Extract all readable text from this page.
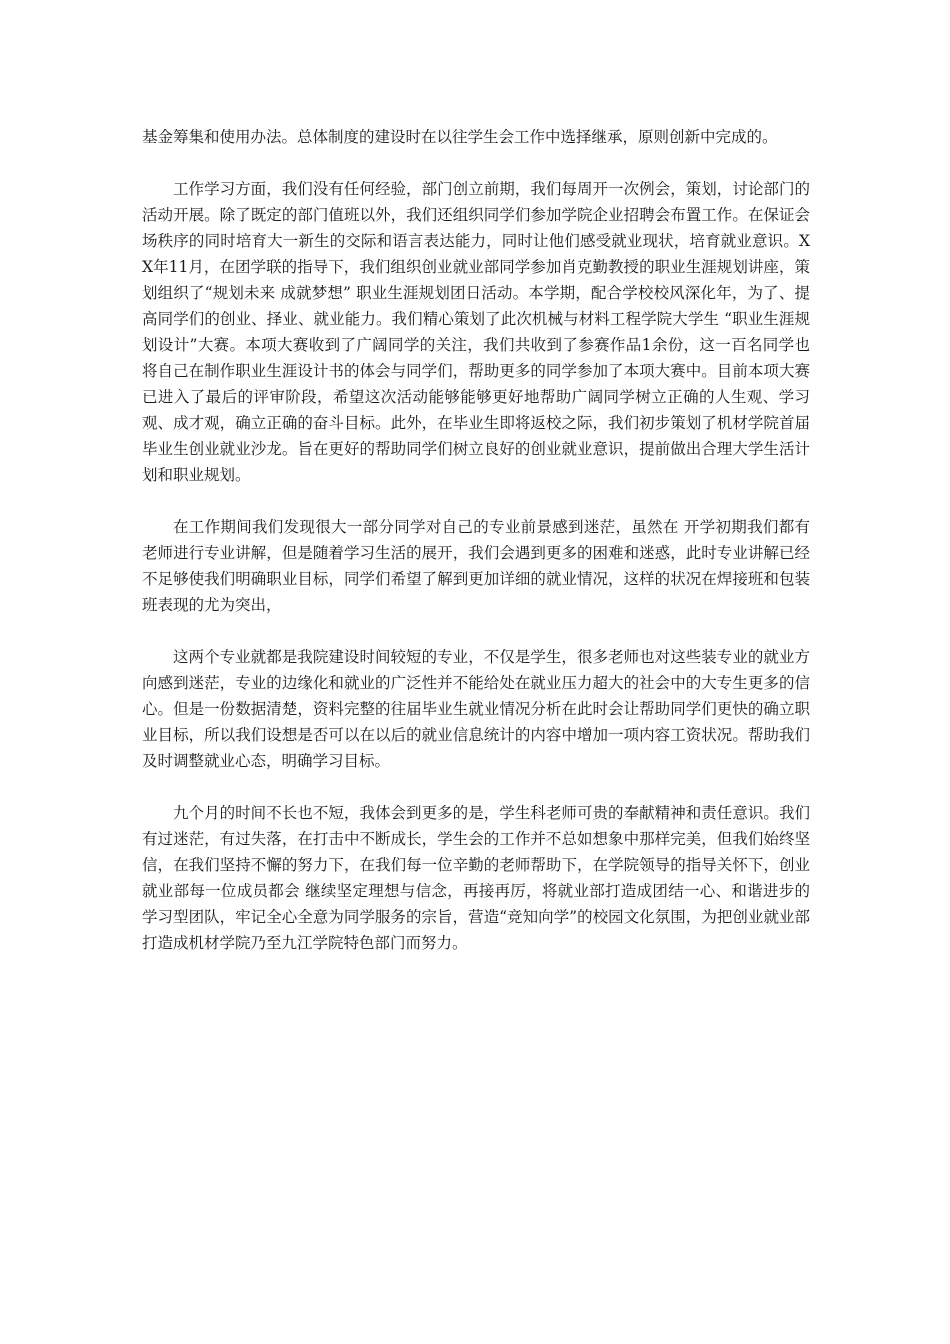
基金筹集和使用办法。总体制度的建设时在以往学生会工作中选择继承，原则创新中完成的。

工作学习方面，我们没有任何经验，部门创立前期，我们每周开一次例会，策划，讨论部门的活动开展。除了既定的部门值班以外，我们还组织同学们参加学院企业招聘会布置工作。在保证会场秩序的同时培育大一新生的交际和语言表达能力，同时让他们感受就业现状，培育就业意识。XX年11月，在团学联的指导下，我们组织创业就业部同学参加肖克勤教授的职业生涯规划讲座，策划组织了“规划未来 成就梦想” 职业生涯规划团日活动。本学期，配合学校校风深化年，为了、提高同学们的创业、择业、就业能力。我们精心策划了此次机械与材料工程学院大学生 “职业生涯规划设计”大赛。本项大赛收到了广阔同学的关注，我们共收到了参赛作品1余份，这一百名同学也将自己在制作职业生涯设计书的体会与同学们，帮助更多的同学参加了本项大赛中。目前本项大赛已进入了最后的评审阶段，希望这次活动能够能够更好地帮助广阔同学树立正确的人生观、学习观、成才观，确立正确的奋斗目标。此外，在毕业生即将返校之际，我们初步策划了机材学院首届毕业生创业就业沙龙。旨在更好的帮助同学们树立良好的创业就业意识，提前做出合理大学生活计划和职业规划。

在工作期间我们发现很大一部分同学对自己的专业前景感到迷茫，虽然在 开学初期我们都有老师进行专业讲解，但是随着学习生活的展开，我们会遇到更多的困难和迷惑，此时专业讲解已经不足够使我们明确职业目标，同学们希望了解到更加详细的就业情况，这样的状况在焊接班和包装班表现的尤为突出，

这两个专业就都是我院建设时间较短的专业，不仅是学生，很多老师也对这些装专业的就业方向感到迷茫，专业的边缘化和就业的广泛性并不能给处在就业压力超大的社会中的大专生更多的信心。但是一份数据清楚，资料完整的往届毕业生就业情况分析在此时会让帮助同学们更快的确立职业目标，所以我们设想是否可以在以后的就业信息统计的内容中增加一项内容工资状况。帮助我们及时调整就业心态，明确学习目标。

九个月的时间不长也不短，我体会到更多的是，学生科老师可贵的奉献精神和责任意识。我们有过迷茫，有过失落，在打击中不断成长，学生会的工作并不总如想象中那样完美，但我们始终坚信，在我们坚持不懈的努力下，在我们每一位辛勤的老师帮助下，在学院领导的指导关怀下，创业就业部每一位成员都会 继续坚定理想与信念，再接再厉，将就业部打造成团结一心、和谐进步的学习型团队，牢记全心全意为同学服务的宗旨，营造“竞知向学”的校园文化氛围，为把创业就业部打造成机材学院乃至九江学院特色部门而努力。
